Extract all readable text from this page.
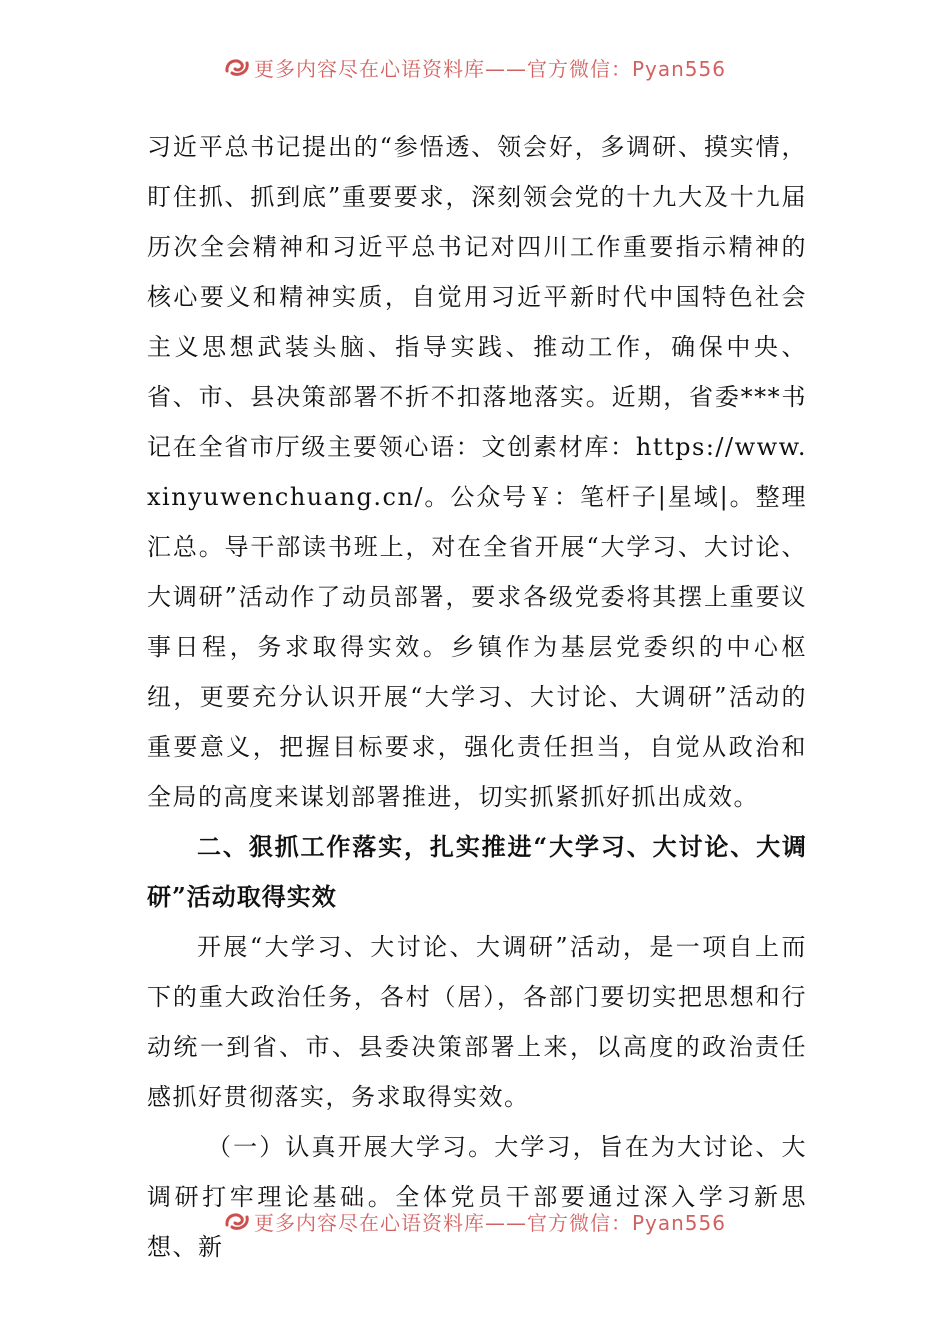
更多内容尽在心语资料库——官方微信：Pyan556

习近平总书记提出的“参悟透、领会好，多调研、摸实情，盯住抓、抓到底”重要要求，深刻领会党的十九大及十九届历次全会精神和习近平总书记对四川工作重要指示精神的核心要义和精神实质，自觉用习近平新时代中国特色社会主义思想武装头脑、指导实践、推动工作，确保中央、省、市、县决策部署不折不扣落地落实。近期，省委***书记在全省市厅级主要领心语：文创素材库：https://www.xinyuwenchuang.cn/。公众号￥：笔杆子|星域|。整理汇总。导干部读书班上，对在全省开展“大学习、大讨论、大调研”活动作了动员部署，要求各级党委将其摆上重要议事日程，务求取得实效。乡镇作为基层党委织的中心枢纽，更要充分认识开展“大学习、大讨论、大调研”活动的重要意义，把握目标要求，强化责任担当，自觉从政治和全局的高度来谋划部署推进，切实抓紧抓好抓出成效。

二、狠抓工作落实，扎实推进“大学习、大讨论、大调研”活动取得实效

开展“大学习、大讨论、大调研”活动，是一项自上而下的重大政治任务，各村（居），各部门要切实把思想和行动统一到省、市、县委决策部署上来，以高度的政治责任感抓好贯彻落实，务求取得实效。

（一）认真开展大学习。大学习，旨在为大讨论、大调研打牢理论基础。全体党员干部要通过深入学习新思想、新

更多内容尽在心语资料库——官方微信：Pyan556
